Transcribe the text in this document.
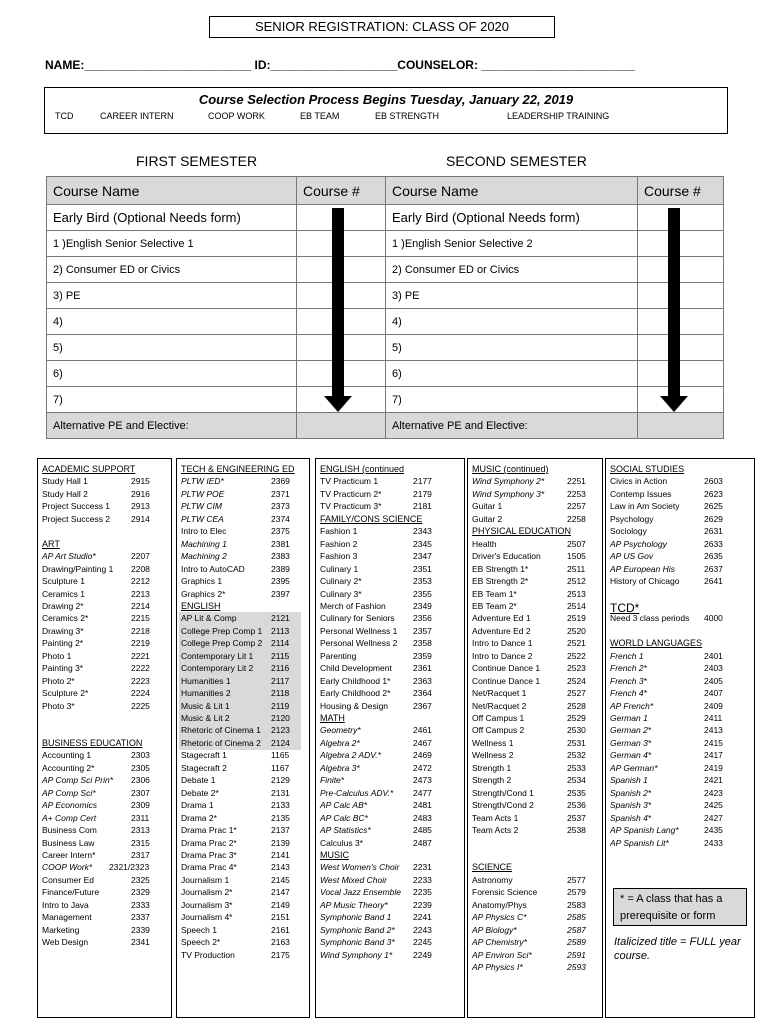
SENIOR REGISTRATION: CLASS OF 2020
NAME:_________________________ ID:___________________COUNSELOR: _______________________
Course Selection Process Begins Tuesday, January 22, 2019
TCD	CAREER INTERN	COOP WORK	EB TEAM	EB STRENGTH	LEADERSHIP TRAINING
FIRST SEMESTER	SECOND SEMESTER
Course Name	Course #
Early Bird (Optional Needs form)	
1 )English Senior Selective 1	
2) Consumer ED or Civics	
3) PE	
4)	
5)	
6)	
7)	
Alternative PE and Elective:	
Course Name	Course #
Early Bird (Optional Needs form)	
1 )English Senior Selective 2	
2) Consumer ED or Civics	
3) PE	
4)	
5)	
6)	
7)	
Alternative PE and Elective:	
ACADEMIC SUPPORT
Study Hall 1	2915
Study Hall 2	2916
Project Success 1 2913
Project Success 2 2914
ART
AP Art Studio*	2207
Drawing/Painting 1 2208
Sculpture 1	2212
Ceramics 1	2213
Drawing 2*	2214
Ceramics 2*	2215
Drawing 3*	2218
Painting 2*	2219
Photo 1	2221
Painting 3*	2222
Photo 2*	2223
Sculpture 2*	2224
Photo 3*	2225
BUSINESS EDUCATION
Accounting 1	2303
Accounting 2*	2305
AP Comp Sci Prin* 2306
AP Comp Sci*	2307
AP Economics	2309
A+ Comp Cert	2311
Business Com	2313
Business Law	2315
Career Intern*	2317
COOP Work* 2321/2323
Consumer Ed	2325
Finance/Future	2329
Intro to Java	2333
Management	2337
Marketing	2339
Web Design	2341
TECH & ENGINEERING ED
PLTW IED*	2369
PLTW POE	2371
PLTW CIM	2373
PLTW CEA	2374
Intro to Elec	2375
Machining 1	2381
Machining 2	2383
Intro to AutoCAD	2389
Graphics 1	2395
Graphics 2*	2397
ENGLISH
AP Lit & Comp	2121
College Prep Comp 1 2113
College Prep Comp 2 2114
Contemporary Lit 1 2115
Contemporary Lit 2 2116
Humanities 1	2117
Humanities 2	2118
Music & Lit 1	2119
Music & Lit 2	2120
Rhetoric of Cinema 1 2123
Rhetoric of Cinema 2 2124
Stagecraft 1	1165
Stagecraft 2	1167
Debate 1	2129
Debate 2*	2131
Drama 1	2133
Drama 2*	2135
Drama Prac 1*	2137
Drama Prac 2*	2139
Drama Prac 3*	2141
Drama Prac 4*	2143
Journalism 1	2145
Journalism 2*	2147
Journalism 3*	2149
Journalism 4*	2151
Speech 1	2161
Speech 2*	2163
TV Production	2175
ENGLISH (continued
TV Practicum 1	2177
TV Practicum 2*	2179
TV Practicum 3*	2181
FAMILY/CONS SCIENCE
Fashion 1	2343
Fashion 2	2345
Fashion 3	2347
Culinary 1	2351
Culinary 2*	2353
Culinary 3*	2355
Merch of Fashion	2349
Culinary for Seniors 2356
Personal Wellness 1 2357
Personal Wellness 2 2358
Parenting	2359
Child Development 2361
Early Childhood 1*	2363
Early Childhood 2*	2364
Housing & Design	2367
MATH
Geometry*	2461
Algebra 2*	2467
Algebra 2 ADV.*	2469
Algebra 3*	2472
Finite*	2473
Pre-Calculus ADV.* 2477
AP Calc AB*	2481
AP Calc BC*	2483
AP Statistics*	2485
Calculus 3*	2487
MUSIC
West Women's Choir 2231
West Mixed Choir	2233
Vocal Jazz Ensemble 2235
AP Music Theory*	2239
Symphonic Band 1	2241
Symphonic Band 2* 2243
Symphonic Band 3* 2245
Wind Symphony 1* 2249
MUSIC (continued)
Wind Symphony 2*	2251
Wind Symphony 3*	2253
Guitar 1	2257
Guitar 2	2258
PHYSICAL EDUCATION
Health	2507
Driver's Education	1505
EB Strength 1*	2511
EB Strength 2*	2512
EB Team 1*	2513
EB Team 2*	2514
Adventure Ed 1	2519
Adventure Ed 2	2520
Intro to Dance 1	2521
Intro to Dance 2	2522
Continue Dance 1	2523
Continue Dance 1	2524
Net/Racquet 1	2527
Net/Racquet 2	2528
Off Campus 1	2529
Off Campus 2	2530
Wellness 1	2531
Wellness 2	2532
Strength 1	2533
Strength 2	2534
Strength/Cond 1	2535
Strength/Cond 2	2536
Team Acts 1	2537
Team Acts 2	2538
SCIENCE
Astronomy	2577
Forensic Science	2579
Anatomy/Phys	2583
AP Physics C*	2585
AP Biology*	2587
AP Chemistry*	2589
AP Environ Sci*	2591
AP Physics I*	2593
SOCIAL STUDIES
Civics in Action	2603
Contemp Issues	2623
Law in Am Society	2625
Psychology	2629
Sociology	2631
AP Psychology	2633
AP US Gov	2635
AP European His	2637
History of Chicago	2641
TCD*
Need 3 class periods 4000
WORLD LANGUAGES
French 1	2401
French 2*	2403
French 3*	2405
French 4*	2407
AP French*	2409
German 1	2411
German 2*	2413
German 3*	2415
German 4*	2417
AP German*	2419
Spanish 1	2421
Spanish 2*	2423
Spanish 3*	2425
Spanish 4*	2427
AP Spanish Lang*	2435
AP Spanish Lit*	2433
* = A class that has a prerequisite or form
Italicized title = FULL year course.
